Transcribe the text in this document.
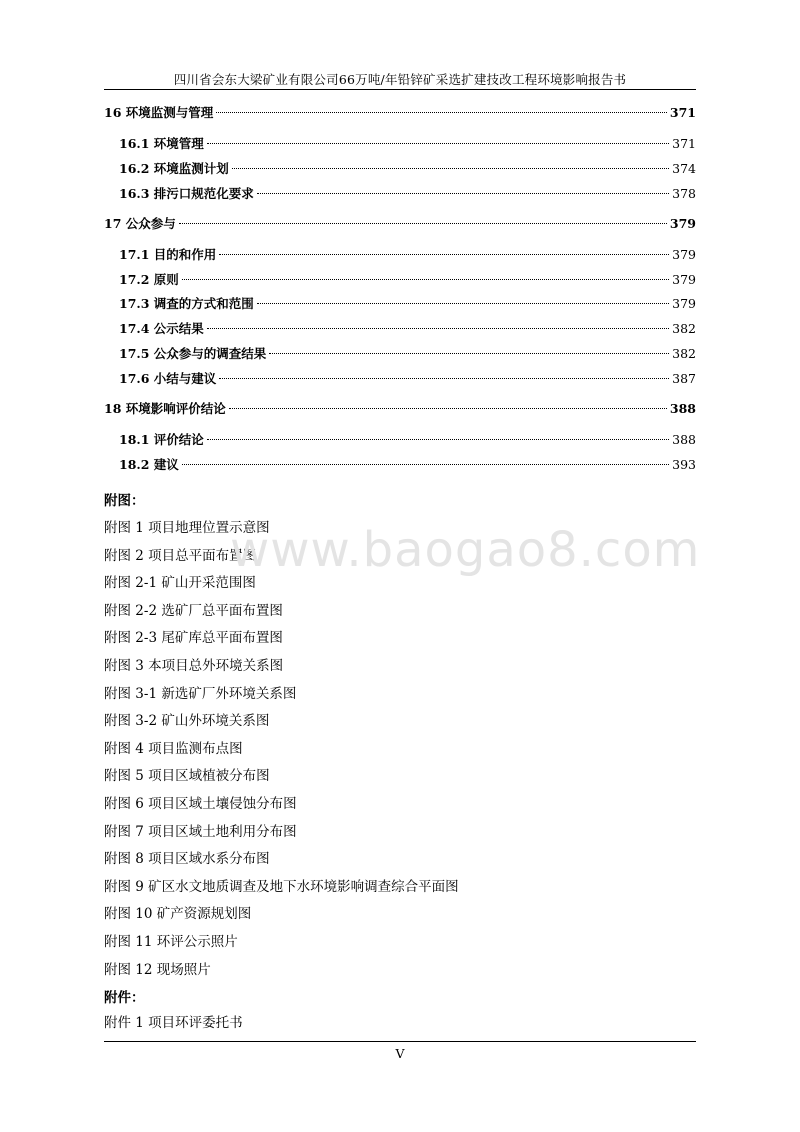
四川省会东大梁矿业有限公司66万吨/年铅锌矿采选扩建技改工程环境影响报告书
16 环境监测与管理	371
16.1 环境管理	371
16.2 环境监测计划	374
16.3 排污口规范化要求	378
17 公众参与	379
17.1 目的和作用	379
17.2 原则	379
17.3 调查的方式和范围	379
17.4 公示结果	382
17.5 公众参与的调查结果	382
17.6 小结与建议	387
18 环境影响评价结论	388
18.1 评价结论	388
18.2 建议	393
附图：
附图 1 项目地理位置示意图
附图 2 项目总平面布置图
附图 2-1 矿山开采范围图
附图 2-2 选矿厂总平面布置图
附图 2-3 尾矿库总平面布置图
附图 3 本项目总外环境关系图
附图 3-1 新选矿厂外环境关系图
附图 3-2 矿山外环境关系图
附图 4 项目监测布点图
附图 5 项目区域植被分布图
附图 6 项目区域土壤侵蚀分布图
附图 7 项目区域土地利用分布图
附图 8 项目区域水系分布图
附图 9 矿区水文地质调查及地下水环境影响调查综合平面图
附图 10 矿产资源规划图
附图 11 环评公示照片
附图 12 现场照片
www.baogao8.com
附件：
附件 1 项目环评委托书
V
